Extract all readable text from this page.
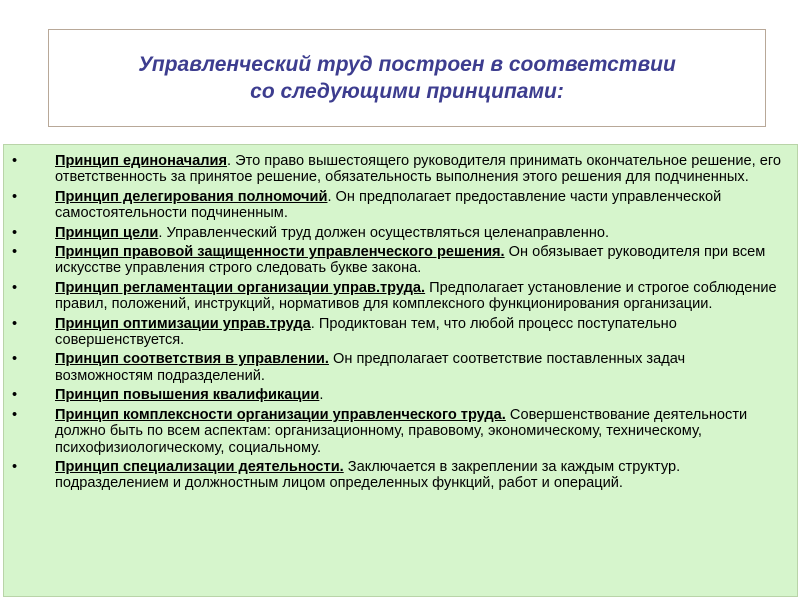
Управленческий труд построен в соответствии
со следующими принципами:
•	Принцип единоначалия. Это право вышестоящего руководителя принимать окончательное решение, его ответственность за принятое решение, обязательность выполнения этого решения для подчиненных.
•	Принцип делегирования полномочий. Он предполагает предоставление части управленческой самостоятельности подчиненным.
•	Принцип цели. Управленческий труд должен осуществляться целенаправленно.
•	Принцип правовой защищенности управленческого решения. Он обязывает руководителя при всем искусстве управления строго следовать букве закона.
•	Принцип регламентации организации управ.труда. Предполагает установление и строгое соблюдение правил, положений, инструкций, нормативов для комплексного функционирования организации.
•	Принцип оптимизации управ.труда. Продиктован тем, что любой процесс поступательно совершенствуется.
•	Принцип соответствия в управлении. Он предполагает соответствие поставленных задач возможностям подразделений.
•	Принцип повышения квалификации.
•	Принцип комплексности организации управленческого труда. Совершенствование деятельности должно быть по всем аспектам: организационному, правовому, экономическому, техническому, психофизиологическому, социальному.
•	Принцип специализации деятельности. Заключается в закреплении за каждым структур. подразделением и должностным лицом определенных функций, работ и операций.
